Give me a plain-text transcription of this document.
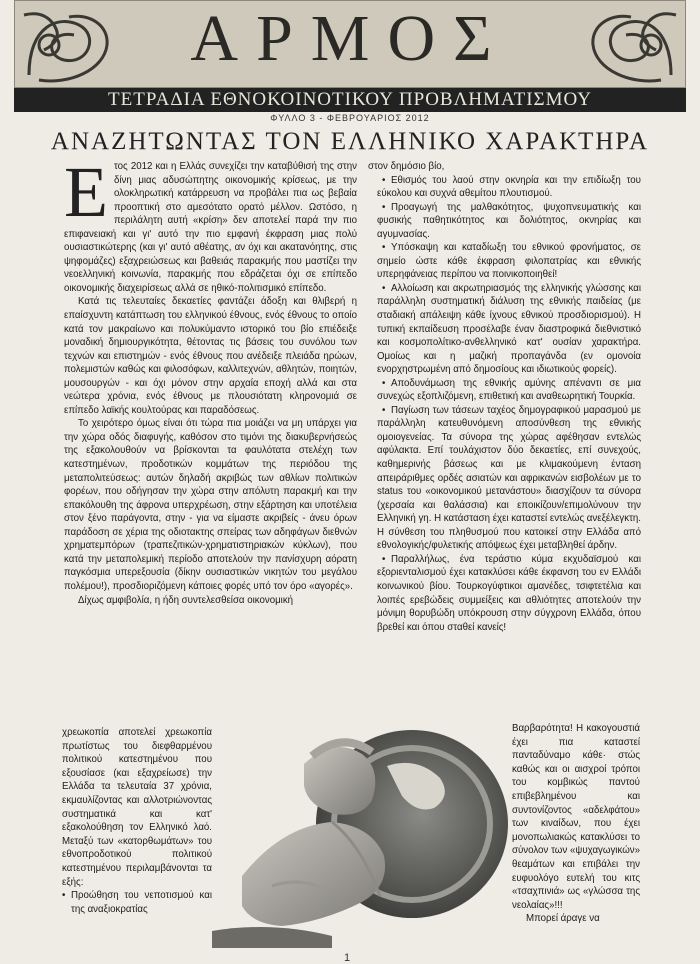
ΑΡΜΟΣ
ΤΕΤΡΑΔΙΑ ΕΘΝΟΚΟΙΝΟΤΙΚΟΥ ΠΡΟΒΛΗΜΑΤΙΣΜΟΥ
ΦΥΛΛΟ 3 - ΦΕΒΡΟΥΑΡΙΟΣ 2012
ΑΝΑΖΗΤΩΝΤΑΣ ΤΟΝ ΕΛΛΗΝΙΚΟ ΧΑΡΑΚΤΗΡΑ

Ετος 2012 και η Ελλάς συνεχίζει την καταβύθισή της στην δίνη μιας αδυσώπητης οικονομικής κρίσεως, με την ολοκληρωτική κατάρρευση να προβάλει πια ως βεβαία προοπτική στο αμεσότατο ορατό μέλλον. Ωστόσο, η περιλάλητη αυτή «κρίση» δεν αποτελεί παρά την πιο επιφανειακή και γι' αυτό την πιο εμφανή έκφραση μιας πολύ ουσιαστικώτερης (και γι' αυτό αθέατης, αν όχι και ακατανόητης, στις ψηφομάζες) εξαχρειώσεως και βαθειάς παρακμής που μαστίζει την νεοελληνική κοινωνία, παρακμής που εδράζεται όχι σε επίπεδο οικονομικής διαχειρίσεως αλλά σε ηθικό-πολιτισμικό επίπεδο.

Κατά τις τελευταίες δεκαετίες φαντάζει άδοξη και θλιβερή η επαίσχυντη κατάπτωση του ελληνικού έθνους, ενός έθνους το οποίο κατά τον μακραίωνο και πολυκύμαντο ιστορικό του βίο επιέδειξε μοναδική δημιουργικότητα, θέτοντας τις βάσεις του συνόλου των τεχνών και επιστημών - ενός έθνους που ανέδειξε πλειάδα ηρώων, πολεμιστών καθώς και φιλοσόφων, καλλιτεχνών, αθλητών, ποιητών, μουσουργών - και όχι μόνον στην αρχαία εποχή αλλά και στα νεώτερα χρόνια, ενός έθνους με πλουσιότατη κληρονομιά σε επίπεδο λαϊκής κουλτούρας και παραδόσεως.

Το χειρότερο όμως είναι ότι τώρα πια μοιάζει να μη υπάρχει για την χώρα οδός διαφυγής, καθόσον στο τιμόνι της διακυβερνήσεώς της εξακολουθούν να βρίσκονται τα φαυλότατα στελέχη των κατεστημένων, προδοτικών κομμάτων της περιόδου της μεταπολιτεύσεως: αυτών δηλαδή ακριβώς των αθλίων πολιτικών φορέων, που οδήγησαν την χώρα στην απόλυτη παρακμή και την επακόλουθη της άφρονα υπερχρέωση, στην εξάρτηση και υποτέλεια στον ξένο παράγοντα, στην - για να είμαστε ακριβείς - άνευ όρων παράδοση σε χέρια της οδιοτακτης σπείρας των αδηφάγων διεθνών χρηματεμπόρων (τραπεζιτικών-χρηματιστηριακών κύκλων), που κατά την μεταπολεμική περίοδο αποτελούν την πανίσχυρη αόρατη παγκόσμια υπερεξουσία (δίκην ουσιαστικών νικητών του μεγάλου πολέμου!), προσδιοριζόμενη κάποιες φορές υπό τον όρο «αγορές».

Δίχως αμφιβολία, η ήδη συντελεσθείσα οικονομική

στον δημόσιο βίο,

• Εθισμός του λαού στην οκνηρία και την επιδίωξη του εύκολου και συχνά αθεμίτου πλουτισμού.

• Προαγωγή της μαλθακότητος, ψυχοπνευματικής και φυσικής παθητικότητος και δολιότητος, οκνηρίας και αγυμνασίας.

• Υπόσκαψη και καταδίωξη του εθνικού φρονήματος, σε σημείο ώστε κάθε έκφραση φιλοπατρίας και εθνικής υπερηφάνειας περίπου να ποινικοποιηθεί!

• Αλλοίωση και ακρωτηριασμός της ελληνικής γλώσσης και παράλληλη συστηματική διάλυση της εθνικής παιδείας (με σταδιακή απάλειψη κάθε ίχνους εθνικού προσδιορισμού). Η τυπική εκπαίδευση προσέλαβε έναν διαστροφικά διεθνιστικό και κοσμοπολίτικο-ανθελληνικό κατ' ουσίαν χαρακτήρα. Ομοίως και η μαζική προπαγάνδα (εν ομονοία ενορχηστρωμένη από δημοσίους και ιδιωτικούς φορείς).

• Αποδυνάμωση της εθνικής αμύνης απέναντι σε μια συνεχώς εξοπλιζόμενη, επιθετική και αναθεωρητική Τουρκία.

• Παγίωση των τάσεων ταχέος δημογραφικού μαρασμού με παράλληλη κατευθυνόμενη αποσύνθεση της εθνικής ομοιογενείας. Τα σύνορα της χώρας αφέθησαν εντελώς αφύλακτα. Επί τουλάχιστον δύο δεκαετίες, επί συνεχούς, καθημερινής βάσεως και με κλιμακούμενη ένταση απειράριθμες ορδές ασιατών και αφρικανών εισβολέων με το status του «οικονομικού μετανάστου» διασχίζουν τα σύνορα (χερσαία και θαλάσσια) και εποικίζουν/επιμολύνουν την Ελληνική γη. Η κατάσταση έχει καταστεί εντελώς ανεξέλεγκτη. Η σύνθεση του πληθυσμού που κατοικεί στην Ελλάδα από εθνολογικής/φυλετικής απόψεως έχει μεταβληθεί άρδην.

• Παραλλήλως, ένα τεράστιο κύμα εκχυδαϊσμού και εξοριενταλισμού έχει κατακλύσει κάθε έκφανση του εν Ελλάδι κοινωνικού βίου. Τουρκογύφτικοι αμανέδες, τσιφτετέλια και λοιπές ερεβώδεις συμμείξεις και αθλιότητες αποτελούν την μόνιμη θορυβώδη υπόκρουση στην σύγχρονη Ελλάδα, όπου βρεθεί και όπου σταθεί κανείς!

χρεωκοπία αποτελεί χρεωκοπία πρωτίστως του διεφθαρμένου πολιτικού κατεστημένου που εξουσίασε (και εξαχρείωσε) την Ελλάδα τα τελευταία 37 χρόνια, εκμαυλίζοντας και αλλοτριώνοντας συστηματικά και κατ' εξακολούθηση τον Ελληνικό λαό. Μεταξύ των «κατορθωμάτων» του εθνοπροδοτικού πολιτικού κατεστημένου περιλαμβάνονται τα εξής:

• Προώθηση του νεποτισμού και της αναξιοκρατίας

Βαρβαρότητα! Η κακογουστιά έχει πια καταστεί πανταδύναμο κάθε· στώς καθώς και οι αισχροί τρόποι του κομβικώς παντού επιβεβλημένου και συντονίζοντος «αδελφάτου» των κιναίδων, που έχει μονοπωλιακώς κατακλύσει το σύνολον των «ψυχαγωγικών» θεαμάτων και επιβάλει την ευφυολόγο ευτελή του κιτς «τσαχπινιά» ως «γλώσσα της νεολαίας»!!!

Μπορεί άραγε να

1
